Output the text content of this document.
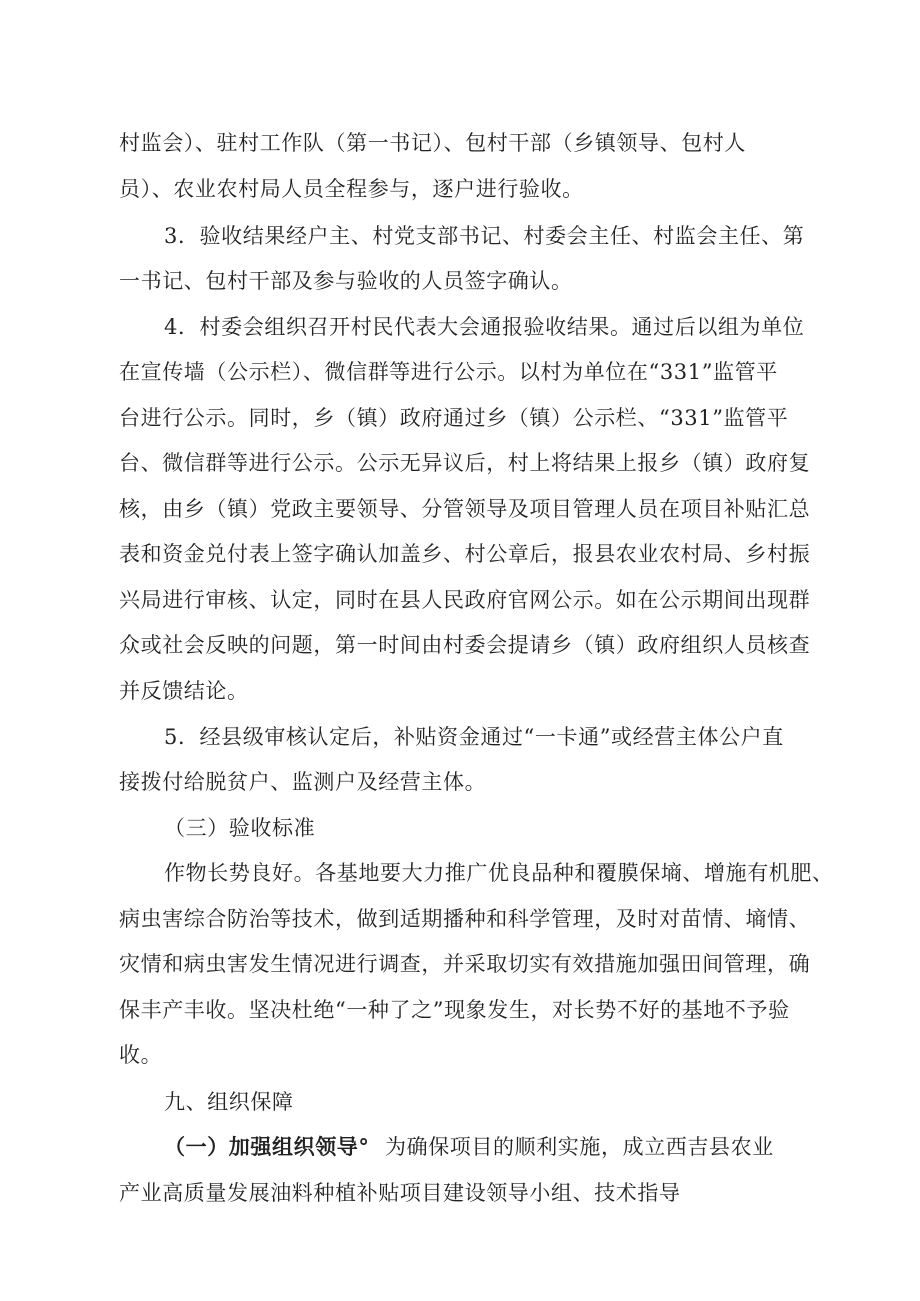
村监会）、驻村工作队（第一书记）、包村干部（乡镇领导、包村人
员）、农业农村局人员全程参与，逐户进行验收。
3．验收结果经户主、村党支部书记、村委会主任、村监会主任、第
一书记、包村干部及参与验收的人员签字确认。
4．村委会组织召开村民代表大会通报验收结果。通过后以组为单位
在宣传墙（公示栏）、微信群等进行公示。以村为单位在“331”监管平
台进行公示。同时，乡（镇）政府通过乡（镇）公示栏、“331”监管平
台、微信群等进行公示。公示无异议后，村上将结果上报乡（镇）政府复
核，由乡（镇）党政主要领导、分管领导及项目管理人员在项目补贴汇总
表和资金兑付表上签字确认加盖乡、村公章后，报县农业农村局、乡村振
兴局进行审核、认定，同时在县人民政府官网公示。如在公示期间出现群
众或社会反映的问题，第一时间由村委会提请乡（镇）政府组织人员核查
并反馈结论。
5．经县级审核认定后，补贴资金通过“一卡通”或经营主体公户直
接拨付给脱贫户、监测户及经营主体。
（三）验收标准
作物长势良好。各基地要大力推广优良品种和覆膜保墒、增施有机肥、
病虫害综合防治等技术，做到适期播种和科学管理，及时对苗情、墒情、
灾情和病虫害发生情况进行调查，并采取切实有效措施加强田间管理，确
保丰产丰收。坚决杜绝“一种了之”现象发生，对长势不好的基地不予验
收。
九、组织保障
（一）加强组织领导° 为确保项目的顺利实施，成立西吉县农业
产业高质量发展油料种植补贴项目建设领导小组、技术指导
